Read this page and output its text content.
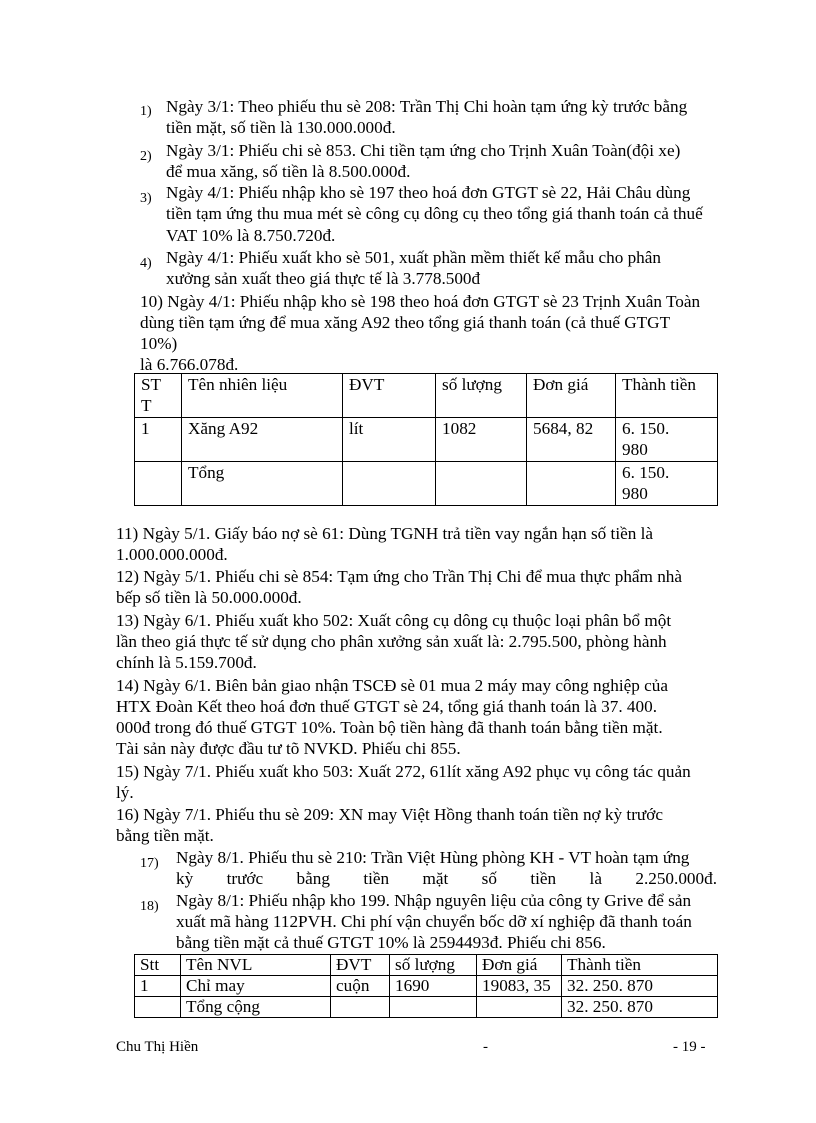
1) Ngày 3/1: Theo phiếu thu sè 208: Trần Thị Chi hoàn tạm ứng kỳ trước bằng
tiền mặt, số tiền là 130.000.000đ.
2) Ngày 3/1: Phiếu chi sè 853. Chi tiền tạm ứng cho Trịnh Xuân Toàn(đội xe)
để mua xăng, số tiền là 8.500.000đ.
3) Ngày 4/1: Phiếu nhập kho sè 197 theo hoá đơn GTGT sè 22, Hải Châu dùng
tiền tạm ứng thu mua mét sè công cụ dông cụ theo tổng giá thanh toán cả thuế
VAT 10% là 8.750.720đ.
4) Ngày 4/1: Phiếu xuất kho sè 501, xuất phần mềm thiết kế mẫu cho phân
xưởng sản xuất theo giá thực tế là 3.778.500đ
10) Ngày 4/1: Phiếu nhập kho sè 198 theo hoá đơn GTGT sè 23 Trịnh Xuân Toàn
dùng tiền tạm ứng để mua xăng A92 theo tổng giá thanh toán (cả thuế GTGT
10%)
là 6.766.078đ.
ST
T	Tên nhiên liệu	ĐVT	số lượng	Đơn giá	Thành tiền
1	Xăng A92	lít	1082	5684, 82	6. 150.
980
	Tổng				6. 150.
980
11) Ngày 5/1. Giấy báo nợ sè 61: Dùng TGNH trả tiền vay ngắn hạn số tiền là
1.000.000.000đ.
12) Ngày 5/1. Phiếu chi sè 854: Tạm ứng cho Trần Thị Chi để mua thực phẩm nhà
bếp số tiền là 50.000.000đ.
13) Ngày 6/1. Phiếu xuất kho 502: Xuất công cụ dông cụ thuộc loại phân bổ một
lần theo giá thực tế sử dụng cho phân xưởng sản xuất là: 2.795.500, phòng hành
chính là 5.159.700đ.
14) Ngày 6/1. Biên bản giao nhận TSCĐ sè 01 mua 2 máy may công nghiệp của
HTX Đoàn Kết theo hoá đơn thuế GTGT sè 24, tổng giá thanh toán là 37. 400.
000đ trong đó thuế GTGT 10%. Toàn bộ tiền hàng đã thanh toán bằng tiền mặt.
Tài sản này được đầu tư tõ NVKD. Phiếu chi 855.
15) Ngày 7/1. Phiếu xuất kho 503: Xuất 272, 61lít xăng A92 phục vụ công tác quản
lý.
16) Ngày 7/1. Phiếu thu sè 209: XN may Việt Hồng thanh toán tiền nợ kỳ trước
bằng tiền mặt.
17) Ngày 8/1. Phiếu thu sè 210: Trần Việt Hùng phòng KH - VT hoàn tạm ứng
kỳ trước bằng tiền mặt số tiền là 2.250.000đ.
18) Ngày 8/1: Phiếu nhập kho 199. Nhập nguyên liệu của công ty Grive để sản
xuất mã hàng 112PVH. Chi phí vận chuyển bốc dỡ xí nghiệp đã thanh toán
bằng tiền mặt cả thuế GTGT 10% là 2594493đ. Phiếu chi 856.
Stt	Tên NVL	ĐVT	số lượng	Đơn giá	Thành tiền
1	Chỉ may	cuộn	1690	19083, 35	32. 250. 870
	Tổng cộng				32. 250. 870
Chu Thị Hiền	-	- 19 -
